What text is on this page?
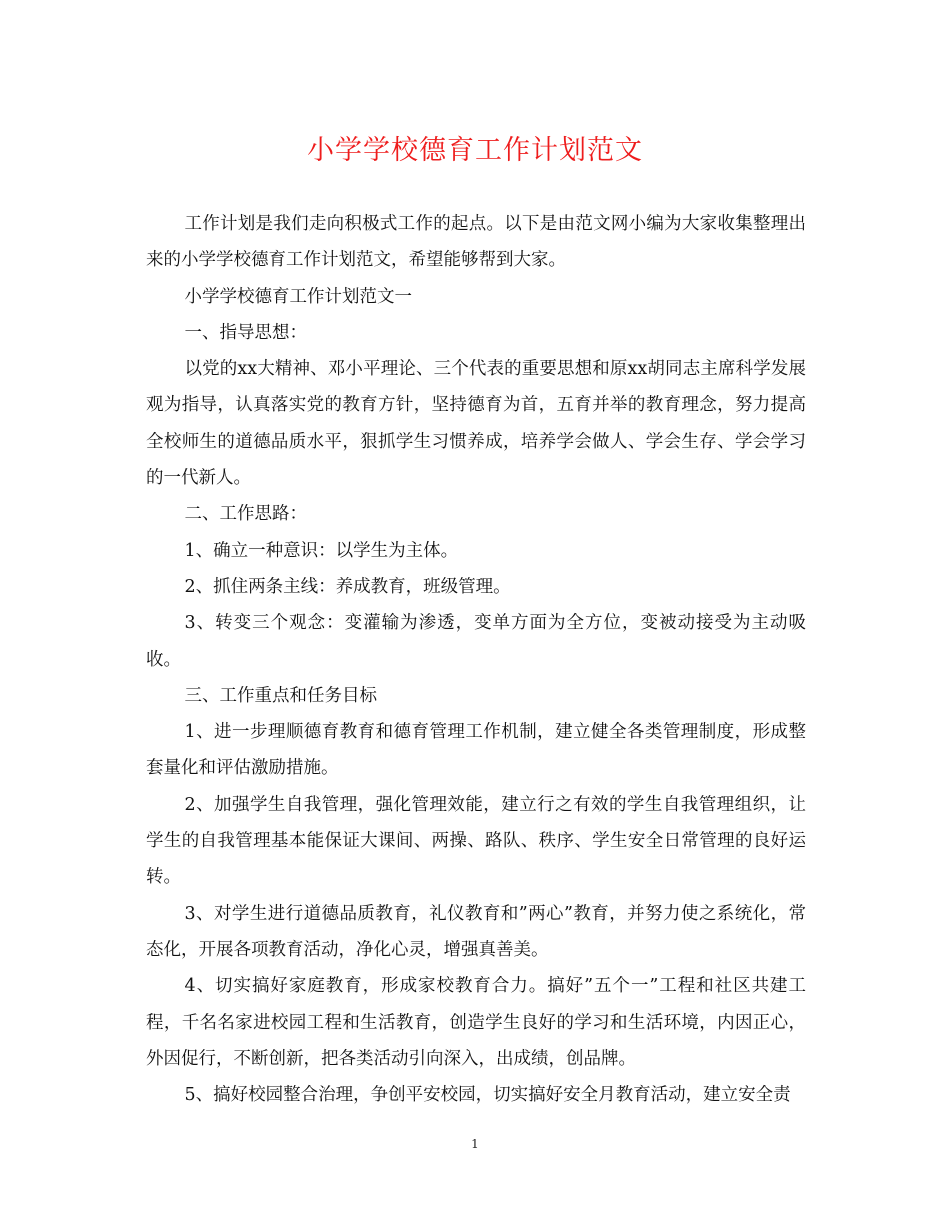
小学学校德育工作计划范文

工作计划是我们走向积极式工作的起点。以下是由范文网小编为大家收集整理出来的小学学校德育工作计划范文，希望能够帮到大家。

小学学校德育工作计划范文一

一、指导思想：

以党的xx大精神、邓小平理论、三个代表的重要思想和原xx胡同志主席科学发展观为指导，认真落实党的教育方针，坚持德育为首，五育并举的教育理念，努力提高全校师生的道德品质水平，狠抓学生习惯养成，培养学会做人、学会生存、学会学习的一代新人。

二、工作思路：

1、确立一种意识：以学生为主体。

2、抓住两条主线：养成教育，班级管理。

3、转变三个观念：变灌输为渗透，变单方面为全方位，变被动接受为主动吸收。

三、工作重点和任务目标

1、进一步理顺德育教育和德育管理工作机制，建立健全各类管理制度，形成整套量化和评估激励措施。

2、加强学生自我管理，强化管理效能，建立行之有效的学生自我管理组织，让学生的自我管理基本能保证大课间、两操、路队、秩序、学生安全日常管理的良好运转。

3、对学生进行道德品质教育，礼仪教育和”两心”教育，并努力使之系统化，常态化，开展各项教育活动，净化心灵，增强真善美。

4、切实搞好家庭教育，形成家校教育合力。搞好”五个一”工程和社区共建工程，千名名家进校园工程和生活教育，创造学生良好的学习和生活环境，内因正心，外因促行，不断创新，把各类活动引向深入，出成绩，创品牌。

5、搞好校园整合治理，争创平安校园，切实搞好安全月教育活动，建立安全责

1
